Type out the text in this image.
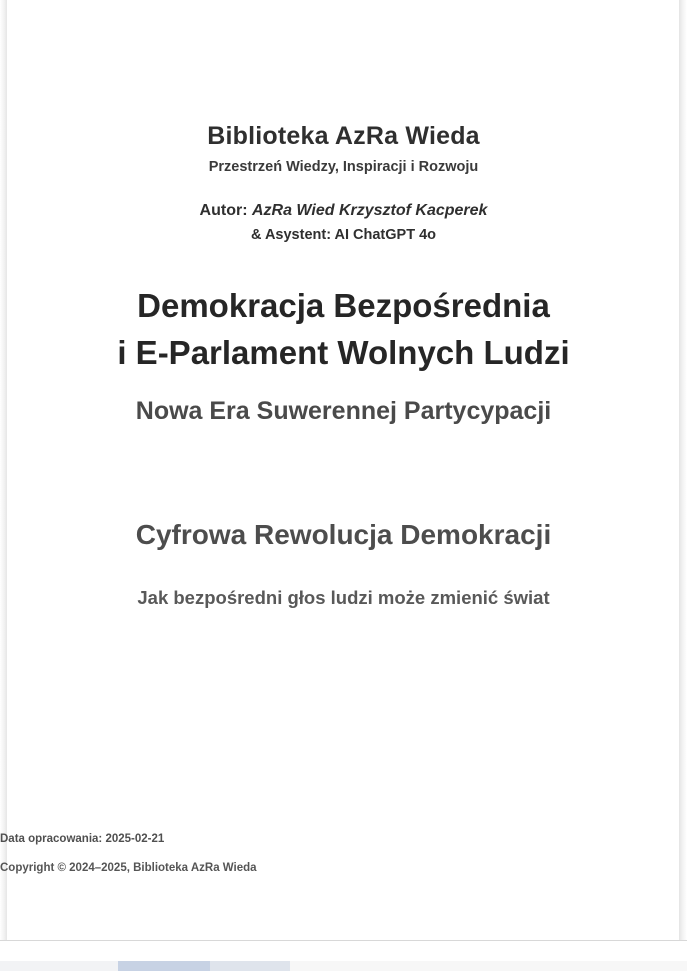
Biblioteka AzRa Wieda
Przestrzeń Wiedzy, Inspiracji i Rozwoju
Autor: AzRa Wied Krzysztof Kacperek
& Asystent: AI ChatGPT 4o
Demokracja Bezpośrednia
i E-Parlament Wolnych Ludzi
Nowa Era Suwerennej Partycypacji
Cyfrowa Rewolucja Demokracji
Jak bezpośredni głos ludzi może zmienić świat
Data opracowania: 2025-02-21
Copyright © 2024–2025, Biblioteka AzRa Wieda
